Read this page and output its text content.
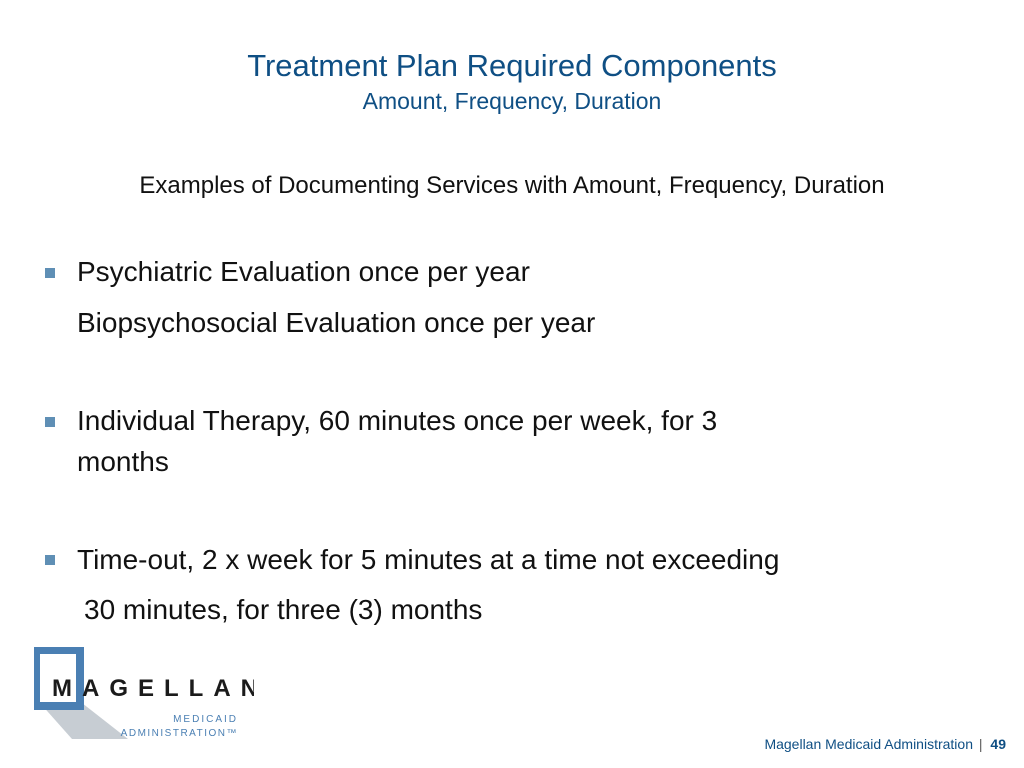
Treatment Plan Required Components
Amount, Frequency, Duration
Examples of Documenting Services with Amount, Frequency, Duration
Psychiatric Evaluation once per year
Biopsychosocial Evaluation once per year
Individual Therapy, 60 minutes once per week, for 3
months
Time-out, 2 x week for 5 minutes at a time not exceeding
30 minutes, for three (3) months
MAGELLAN
MEDICAID
ADMINISTRATION™
Magellan Medicaid Administration | 49
